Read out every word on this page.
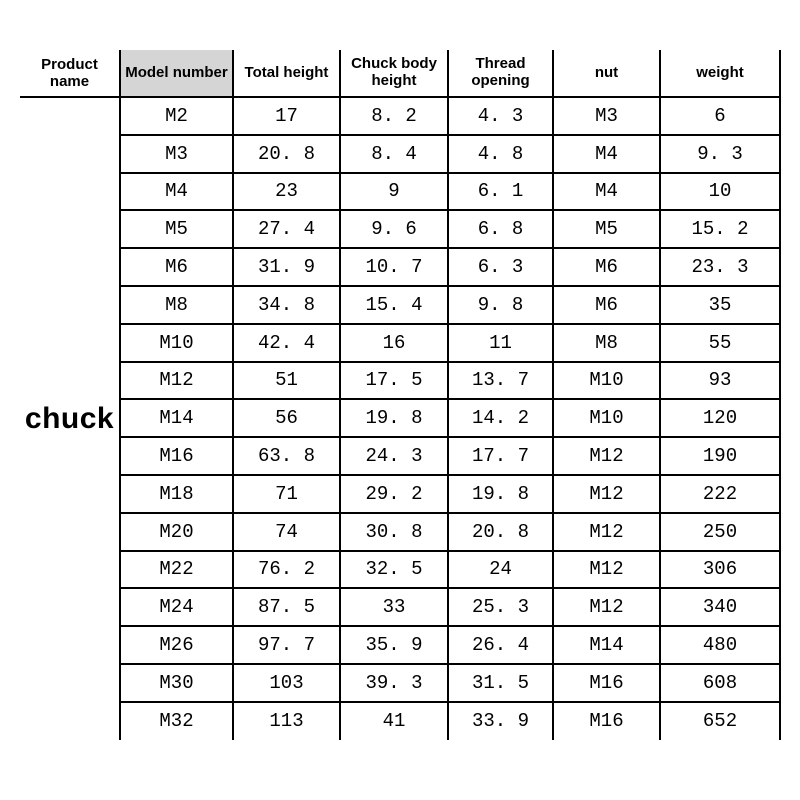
Product name	Model number	Total height	Chuck body height	Thread opening	nut	weight
chuck	M2	17	8. 2	4. 3	M3	6
	M3	20. 8	8. 4	4. 8	M4	9. 3
	M4	23	9	6. 1	M4	10
	M5	27. 4	9. 6	6. 8	M5	15. 2
	M6	31. 9	10. 7	6. 3	M6	23. 3
	M8	34. 8	15. 4	9. 8	M6	35
	M10	42. 4	16	11	M8	55
	M12	51	17. 5	13. 7	M10	93
	M14	56	19. 8	14. 2	M10	120
	M16	63. 8	24. 3	17. 7	M12	190
	M18	71	29. 2	19. 8	M12	222
	M20	74	30. 8	20. 8	M12	250
	M22	76. 2	32. 5	24	M12	306
	M24	87. 5	33	25. 3	M12	340
	M26	97. 7	35. 9	26. 4	M14	480
	M30	103	39. 3	31. 5	M16	608
	M32	113	41	33. 9	M16	652
